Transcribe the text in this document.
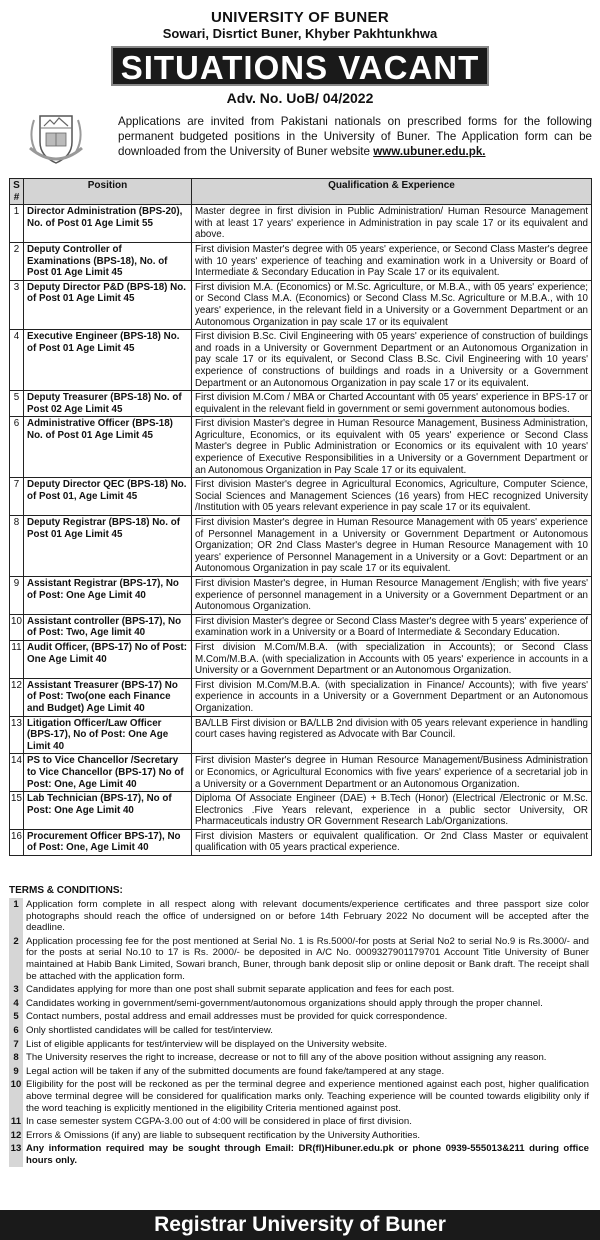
UNIVERSITY OF BUNER
Sowari, Disrtict Buner, Khyber Pakhtunkhwa
SITUATIONS VACANT
Adv. No. UoB/ 04/2022
Applications are invited from Pakistani nationals on prescribed forms for the following permanent budgeted positions in the University of Buner. The Application form can be downloaded from the University of Buner website www.ubuner.edu.pk.
S #	Position	Qualification & Experience
1	Director Administration (BPS-20), No. of Post 01 Age Limit 55	Master degree in first division in Public Administration/ Human Resource Management with at least 17 years' experience in Administration in pay scale 17 or its equivalent and above.
2	Deputy Controller of Examinations (BPS-18), No. of Post 01 Age Limit 45	First division Master's degree with 05 years' experience, or Second Class Master's degree with 10 years' experience of teaching and examination work in a University or Board of Intermediate & Secondary Education in Pay Scale 17 or its equivalent.
3	Deputy Director P&D (BPS-18) No. of Post 01 Age Limit 45	First division M.A. (Economics) or M.Sc. Agriculture, or M.B.A., with 05 years' experience; or Second Class M.A. (Economics) or Second Class M.Sc. Agriculture or M.B.A., with 10 years' experience, in the relevant field in a University or a Government Department or an Autonomous Organization in pay scale 17 or its equivalent
4	Executive Engineer (BPS-18) No. of Post 01 Age Limit 45	First division B.Sc. Civil Engineering with 05 years' experience of construction of buildings and roads in a University or Government Department or an Autonomous Organization in pay scale 17 or its equivalent, or Second Class B.Sc. Civil Engineering with 10 years' experience of constructions of buildings and roads in a University or a Government Department or an Autonomous Organization in pay scale 17 or its equivalent.
5	Deputy Treasurer (BPS-18) No. of Post 02 Age Limit 45	First division M.Com / MBA or Charted Accountant with 05 years' experience in BPS-17 or equivalent in the relevant field in government or semi government autonomous bodies.
6	Administrative Officer (BPS-18) No. of Post 01 Age Limit 45	First division Master's degree in Human Resource Management, Business Administration, Agriculture, Economics, or its equivalent with 05 years' experience or Second Class Master's degree in Public Administration or Economics or its equivalent with 10 years' experience of Executive Responsibilities in a University or a Government Department or an Autonomous Organization in Pay Scale 17 or its equivalent.
7	Deputy Director QEC (BPS-18) No. of Post 01, Age Limit 45	First division Master's degree in Agricultural Economics, Agriculture, Computer Science, Social Sciences and Management Sciences (16 years) from HEC recognized University /Institution with 05 years relevant experience in pay scale 17 or its equivalent.
8	Deputy Registrar (BPS-18) No. of Post 01 Age Limit 45	First division Master's degree in Human Resource Management with 05 years' experience of Personnel Management in a University or Government Department or Autonomous Organization; OR 2nd Class Master's degree in Human Resource Management with 10 years' experience of Personnel Management in a University or a Govt: Department or an Autonomous Organization in pay scale 17 or its equivalent.
9	Assistant Registrar (BPS-17), No of Post: One Age Limit 40	First division Master's degree, in Human Resource Management /English; with five years' experience of personnel management in a University or a Government Department or an Autonomous Organization.
10	Assistant controller (BPS-17), No of Post: Two, Age limit 40	First division Master's degree or Second Class Master's degree with 5 years' experience of examination work in a University or a Board of Intermediate & Secondary Education.
11	Audit Officer, (BPS-17) No of Post: One Age Limit 40	First division M.Com/M.B.A. (with specialization in Accounts); or Second Class M.Com/M.B.A. (with specialization in Accounts with 05 years' experience in accounts in a University or a Government Department or an Autonomous Organization.
12	Assistant Treasurer (BPS-17) No of Post: Two(one each Finance and Budget) Age Limit 40	First division M.Com/M.B.A. (with specialization in Finance/ Accounts); with five years' experience in accounts in a University or a Government Department or an Autonomous Organization.
13	Litigation Officer/Law Officer (BPS-17), No of Post: One Age Limit 40	BA/LLB First division or BA/LLB 2nd division with 05 years relevant experience in handling court cases having registered as Advocate with Bar Council.
14	PS to Vice Chancellor /Secretary to Vice Chancellor (BPS-17) No of Post: One, Age Limit 40	First division Master's degree in Human Resource Management/Business Administration or Economics, or Agricultural Economics with five years' experience of a secretarial job in a University or a Government Department or an Autonomous Organization.
15	Lab Technician (BPS-17), No of Post: One Age Limit 40	Diploma Of Associate Engineer (DAE) + B.Tech (Honor) (Electrical /Electronic or M.Sc. Electronics .Five Years relevant, experience in a public sector University, OR Pharmaceuticals industry OR Government Research Lab/Organizations.
16	Procurement Officer BPS-17), No of Post: One, Age Limit 40	First division Masters or equivalent qualification. Or 2nd Class Master or equivalent qualification with 05 years practical experience.
TERMS & CONDITIONS:
1	Application form complete in all respect along with relevant documents/experience certificates and three passport size color photographs should reach the office of undersigned on or before 14th February 2022 No document will be accepted after the deadline.
2	Application processing fee for the post mentioned at Serial No. 1 is Rs.5000/-for posts at Serial No2 to serial No.9 is Rs.3000/- and for the posts at serial No.10 to 17 is Rs. 2000/- be deposited in A/C No. 0009327901179701 Account Title University of Buner maintained at Habib Bank Limited, Sowari branch, Buner, through bank deposit slip or online deposit or Bank draft. The receipt shall be attached with the application form.
3	Candidates applying for more than one post shall submit separate application and fees for each post.
4	Candidates working in government/semi-government/autonomous organizations should apply through the proper channel.
5	Contact numbers, postal address and email addresses must be provided for quick correspondence.
6	Only shortlisted candidates will be called for test/interview.
7	List of eligible applicants for test/interview will be displayed on the University website.
8	The University reserves the right to increase, decrease or not to fill any of the above position without assigning any reason.
9	Legal action will be taken if any of the submitted documents are found fake/tampered at any stage.
10	Eligibility for the post will be reckoned as per the terminal degree and experience mentioned against each post, higher qualification above terminal degree will be considered for qualification marks only. Teaching experience will be counted towards eligibility only if the word teaching is explicitly mentioned in the eligibility Criteria mentioned against post.
11	In case semester system CGPA-3.00 out of 4:00 will be considered in place of first division.
12	Errors & Omissions (if any) are liable to subsequent rectification by the University Authorities.
13	Any information required may be sought through Email: DR(fl)Hibuner.edu.pk or phone 0939-555013&211 during office hours only.
Registrar University of Buner
